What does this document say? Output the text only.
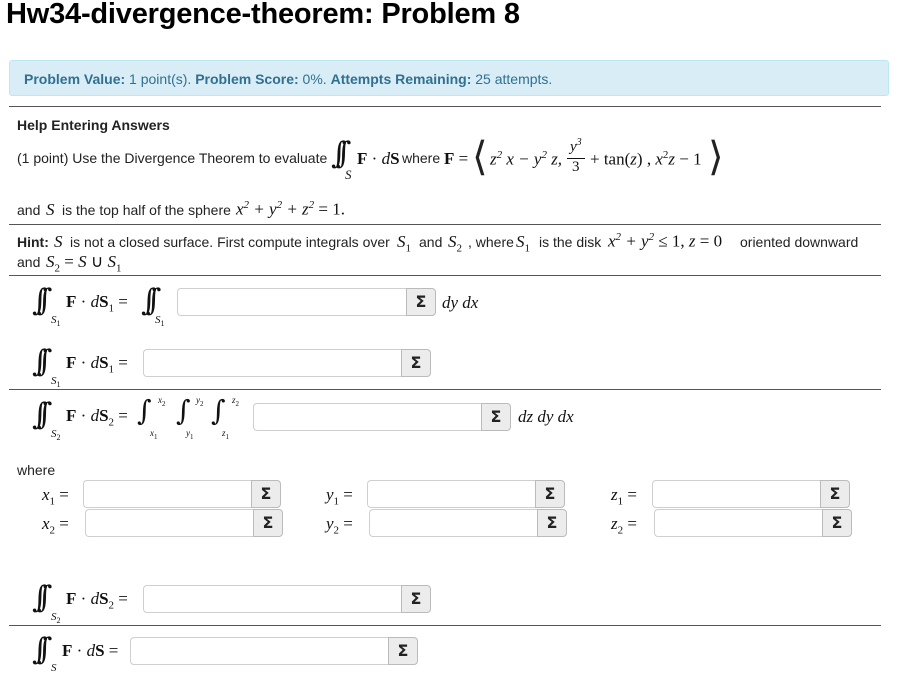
Hw34-divergence-theorem: Problem 8
Problem Value: 1 point(s). Problem Score: 0%. Attempts Remaining: 25 attempts.
Help Entering Answers
(1 point) Use the Divergence Theorem to evaluate ∫∫
S
F · dS where F = ⟨ $z^2$ $x - y^2$ z,
$y^3$
3 + tan(z) , $x^2z - 1$ ⟩
and S is the top half of the sphere $x^2 + y^2 + z^2 = 1$.
Hint: S is not a closed surface. First compute integrals over $S_1$ and $S_2$ , where $S_1$ is the disk $x^2 + y^2 \le 1$, z = 0 oriented downward
and $S_2 = S$ ∪ $S_1$
∫∫
$S_1$
$F \cdot dS_1$ = ∫∫
$S_1$
Σ dy dx
∫∫
$S_1$
$F \cdot dS_1$ =	Σ
∫∫
$S_2$
$F \cdot dS_2$ = ∫ $x_2$
$x_1$
∫ $y_2$
$y_1$
∫ $z_2$
$z_1$
Σ dz dy dx
where
$x_1$ =	Σ	$y_1$ =	Σ	$z_1$ =	Σ
$x_2$ =	Σ	$y_2$ =	Σ	$z_2$ =	Σ
∫∫
$S_2$
$F \cdot dS_2$ =	Σ
∫∫
S
F · dS =	Σ
